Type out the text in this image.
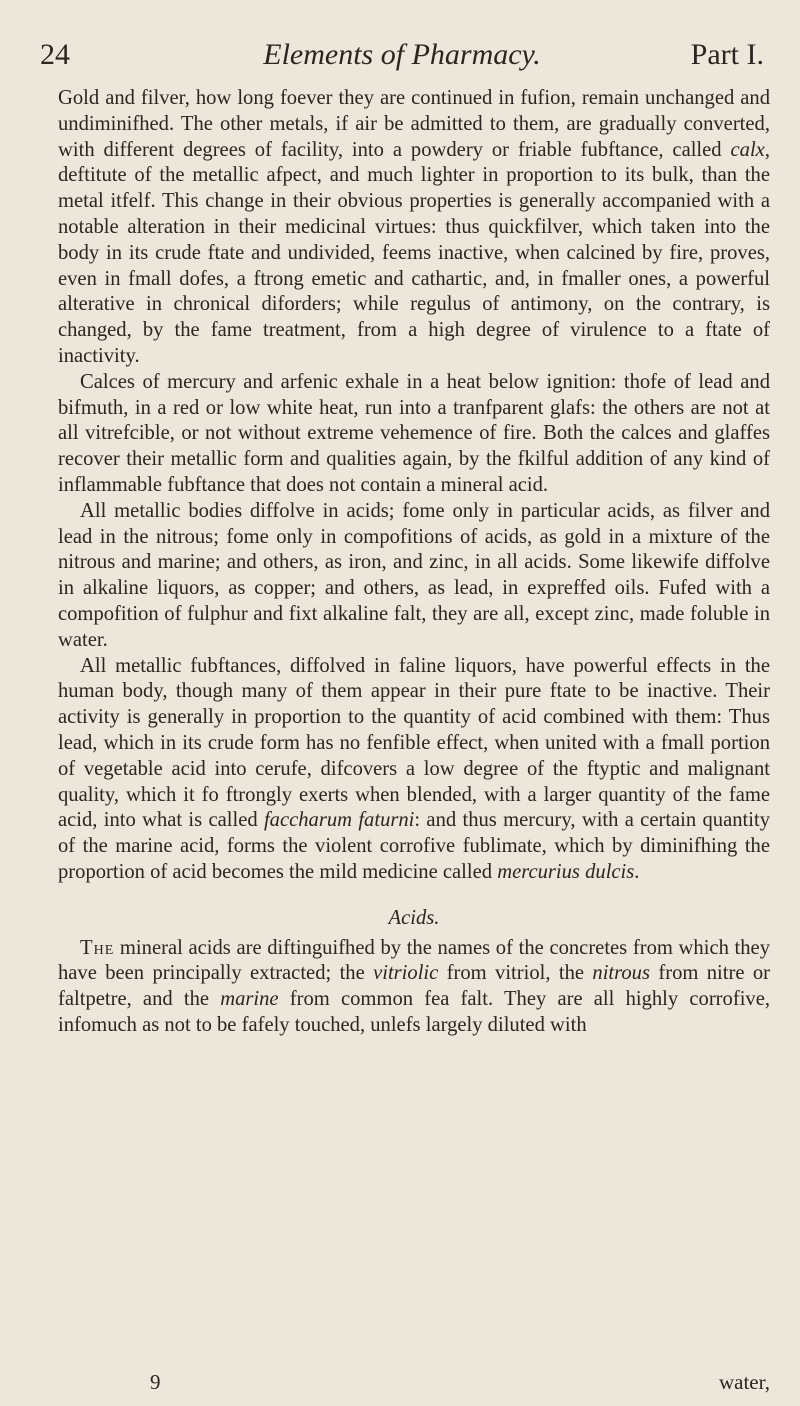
24	Elements of Pharmacy.	Part I.

Gold and filver, how long foever they are continued in fufion, remain unchanged and undiminifhed. The other metals, if air be admitted to them, are gradually converted, with different degrees of facility, into a powdery or friable fubftance, called calx, deftitute of the metallic afpect, and much lighter in proportion to its bulk, than the metal itfelf. This change in their obvious properties is generally accompanied with a notable alteration in their medicinal virtues: thus quickfilver, which taken into the body in its crude ftate and undivided, feems inactive, when calcined by fire, proves, even in fmall dofes, a ftrong emetic and cathartic, and, in fmaller ones, a powerful alterative in chronical diforders; while regulus of antimony, on the contrary, is changed, by the fame treatment, from a high degree of virulence to a ftate of inactivity.

Calces of mercury and arfenic exhale in a heat below ignition: thofe of lead and bifmuth, in a red or low white heat, run into a tranfparent glafs: the others are not at all vitrefcible, or not without extreme vehemence of fire. Both the calces and glaffes recover their metallic form and qualities again, by the fkilful addition of any kind of inflammable fubftance that does not contain a mineral acid.

All metallic bodies diffolve in acids; fome only in particular acids, as filver and lead in the nitrous; fome only in compofitions of acids, as gold in a mixture of the nitrous and marine; and others, as iron, and zinc, in all acids. Some likewife diffolve in alkaline liquors, as copper; and others, as lead, in expreffed oils. Fufed with a compofition of fulphur and fixt alkaline falt, they are all, except zinc, made foluble in water.

All metallic fubftances, diffolved in faline liquors, have powerful effects in the human body, though many of them appear in their pure ftate to be inactive. Their activity is generally in proportion to the quantity of acid combined with them: Thus lead, which in its crude form has no fenfible effect, when united with a fmall portion of vegetable acid into cerufe, difcovers a low degree of the ftyptic and malignant quality, which it fo ftrongly exerts when blended, with a larger quantity of the fame acid, into what is called faccharum faturni: and thus mercury, with a certain quantity of the marine acid, forms the violent corrofive fublimate, which by diminifhing the proportion of acid becomes the mild medicine called mercurius dulcis.

Acids.

The mineral acids are diftinguifhed by the names of the concretes from which they have been principally extracted; the vitriolic from vitriol, the nitrous from nitre or faltpetre, and the marine from common fea falt. They are all highly corrofive, infomuch as not to be fafely touched, unlefs largely diluted with

9	water,
